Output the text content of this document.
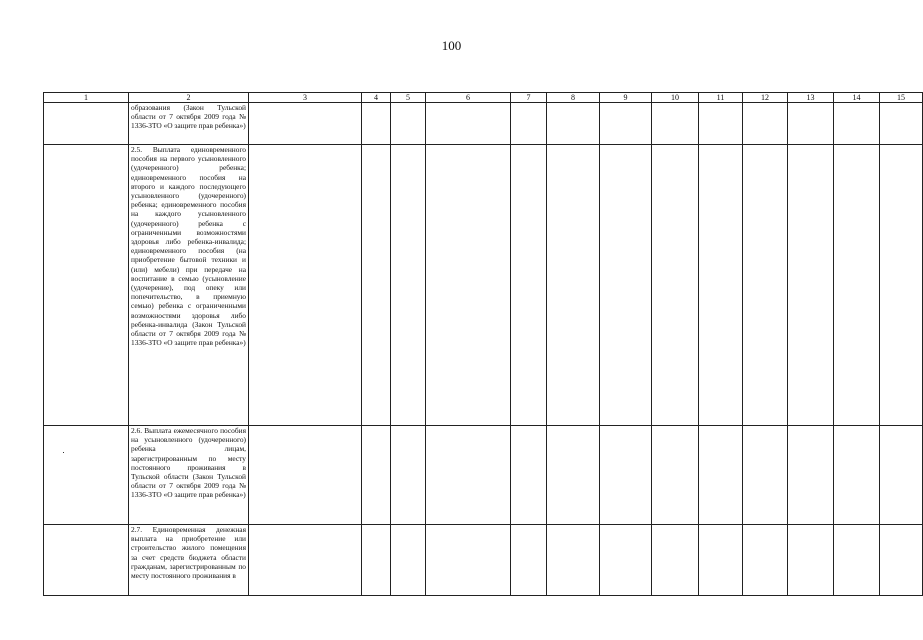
100
1	2	3	4	5	6	7	8	9	10	11	12	13	14	15
	образования (Закон Тульской области от 7 октября 2009 года № 1336-ЗТО «О защите прав ребенка»)													
	2.5. Выплата единовременного пособия на первого усыновленного (удочеренного) ребенка; единовременного пособия на второго и каждого последующего усыновленного (удочеренного) ребенка; единовременного пособия на каждого усыновленного (удочеренного) ребенка с ограниченными возможностями здоровья либо ребенка-инвалида; единовременного пособия (на приобретение бытовой техники и (или) мебели) при передаче на воспитание в семью (усыновление (удочерение), под опеку или попечительство, в приемную семью) ребенка с ограниченными возможностями здоровья либо ребенка-инвалида (Закон Тульской области от 7 октября 2009 года № 1336-ЗТО «О защите прав ребенка»)													
	2.6. Выплата ежемесячного пособия на усыновленного (удочеренного) ребенка лицам, зарегистрированным по месту постоянного проживания в Тульской области (Закон Тульской области от 7 октября 2009 года № 1336-ЗТО «О защите прав ребенка»)													
	2.7. Единовременная денежная выплата на приобретение или строительство жилого помещения за счет средств бюджета области гражданам, зарегистрированным по месту постоянного проживания в													
